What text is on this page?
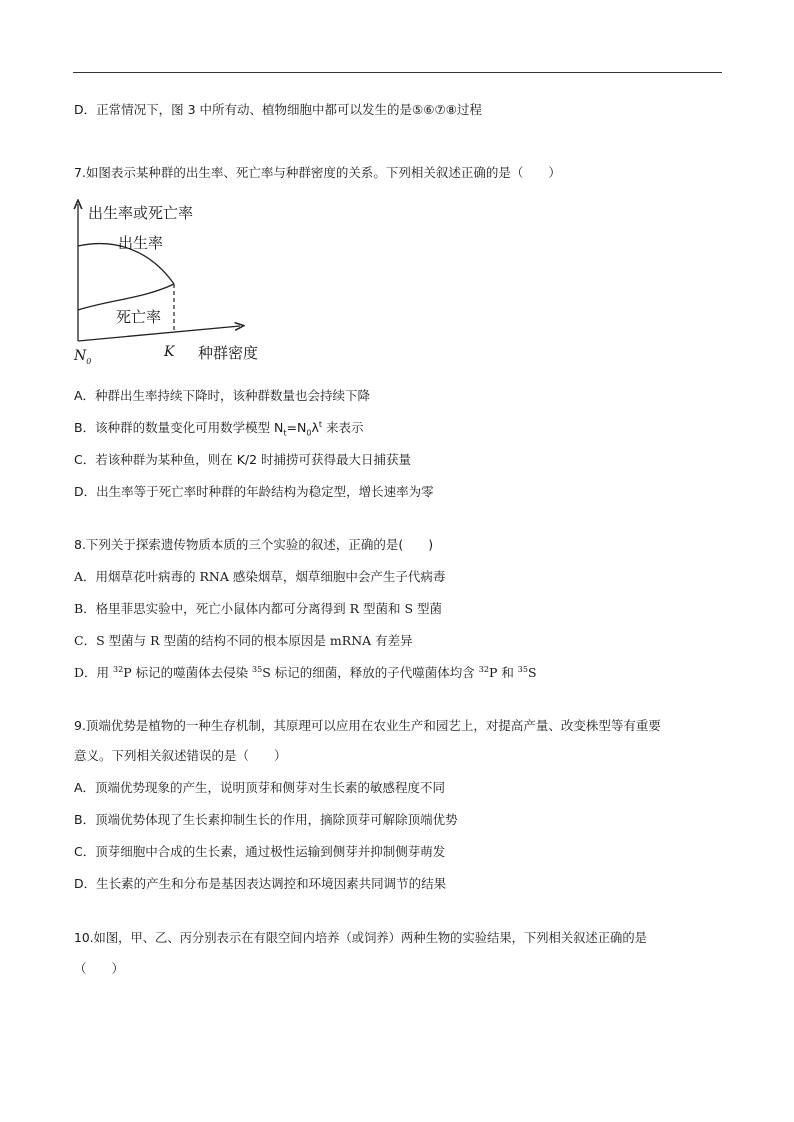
D．正常情况下，图 3 中所有动、植物细胞中都可以发生的是⑤⑥⑦⑧过程
7.如图表示某种群的出生率、死亡率与种群密度的关系。下列相关叙述正确的是（　　）
出生率或死亡率
出生率
死亡率
$N_0$
K 种群密度
A．种群出生率持续下降时，该种群数量也会持续下降
B．该种群的数量变化可用数学模型 $N_t=N_0\lambda^t$ 来表示
C．若该种群为某种鱼，则在 K/2 时捕捞可获得最大日捕获量
D．出生率等于死亡率时种群的年龄结构为稳定型，增长速率为零
8.下列关于探索遗传物质本质的三个实验的叙述，正确的是(　　)
A．用烟草花叶病毒的 RNA 感染烟草，烟草细胞中会产生子代病毒
B．格里菲思实验中，死亡小鼠体内都可分离得到 R 型菌和 S 型菌
C．S 型菌与 R 型菌的结构不同的根本原因是 mRNA 有差异
D．用 $^{32}$P 标记的噬菌体去侵染 $^{35}$S 标记的细菌，释放的子代噬菌体均含 $^{32}$P 和 $^{35}$S
9.顶端优势是植物的一种生存机制，其原理可以应用在农业生产和园艺上，对提高产量、改变株型等有重要
意义。下列相关叙述错误的是（　　）
A．顶端优势现象的产生，说明顶芽和侧芽对生长素的敏感程度不同
B．顶端优势体现了生长素抑制生长的作用，摘除顶芽可解除顶端优势
C．顶芽细胞中合成的生长素，通过极性运输到侧芽并抑制侧芽萌发
D．生长素的产生和分布是基因表达调控和环境因素共同调节的结果
10.如图，甲、乙、丙分别表示在有限空间内培养（或饲养）两种生物的实验结果，下列相关叙述正确的是
（　　）
